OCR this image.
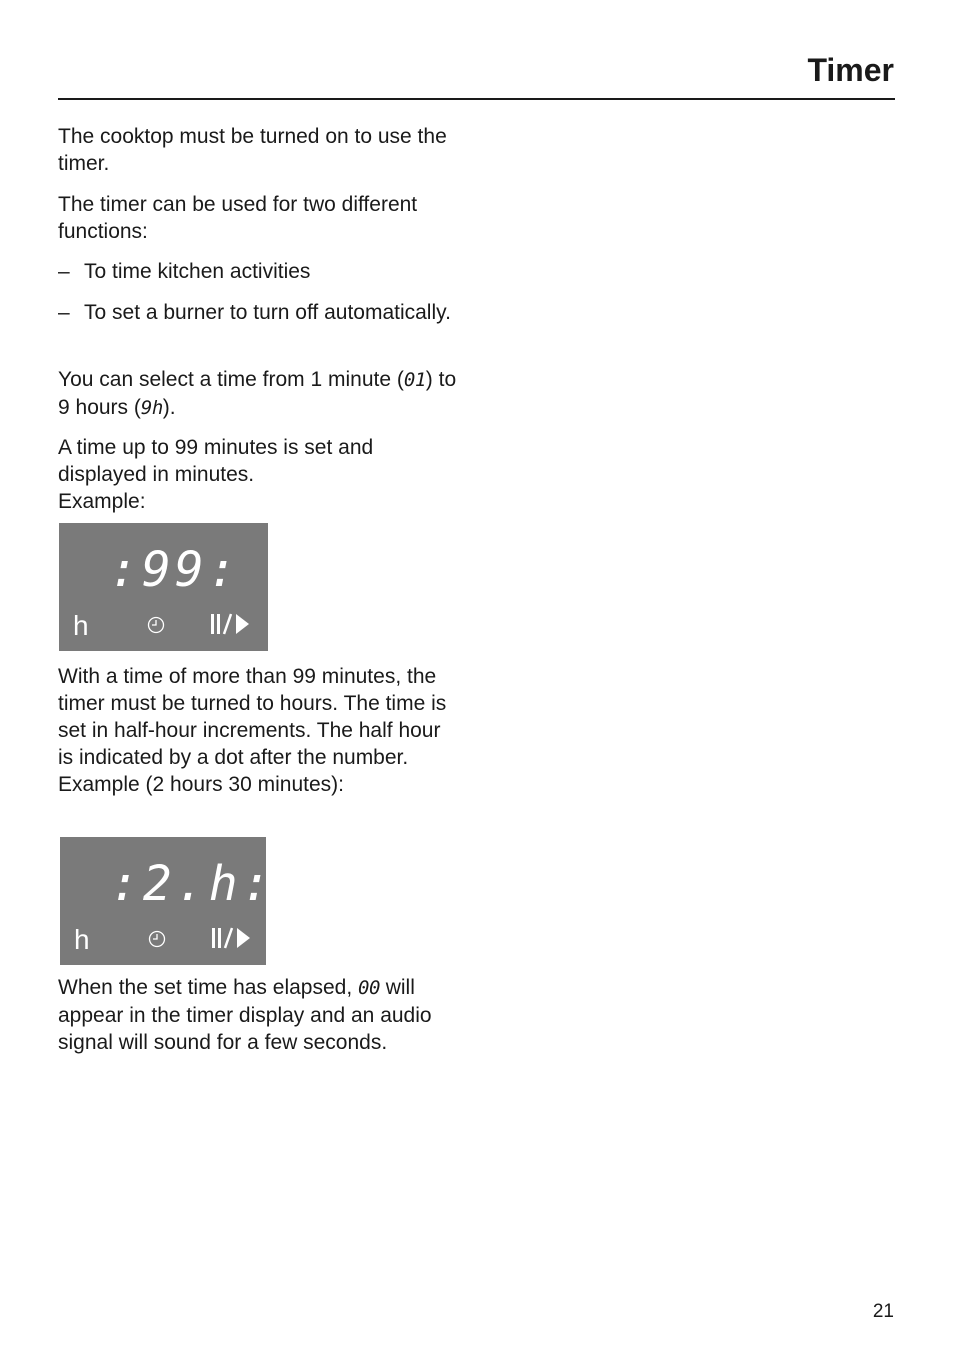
Timer

The cooktop must be turned on to use the timer.

The timer can be used for two different functions:

– To time kitchen activities

– To set a burner to turn off automatically.

You can select a time from 1 minute (01) to 9 hours (9h).

A time up to 99 minutes is set and displayed in minutes.
Example:

With a time of more than 99 minutes, the timer must be turned to hours. The time is set in half-hour increments. The half hour is indicated by a dot after the number.
Example (2 hours 30 minutes):

When the set time has elapsed, 00 will appear in the timer display and an audio signal will sound for a few seconds.

:99:
h
:2.h:
h
21
